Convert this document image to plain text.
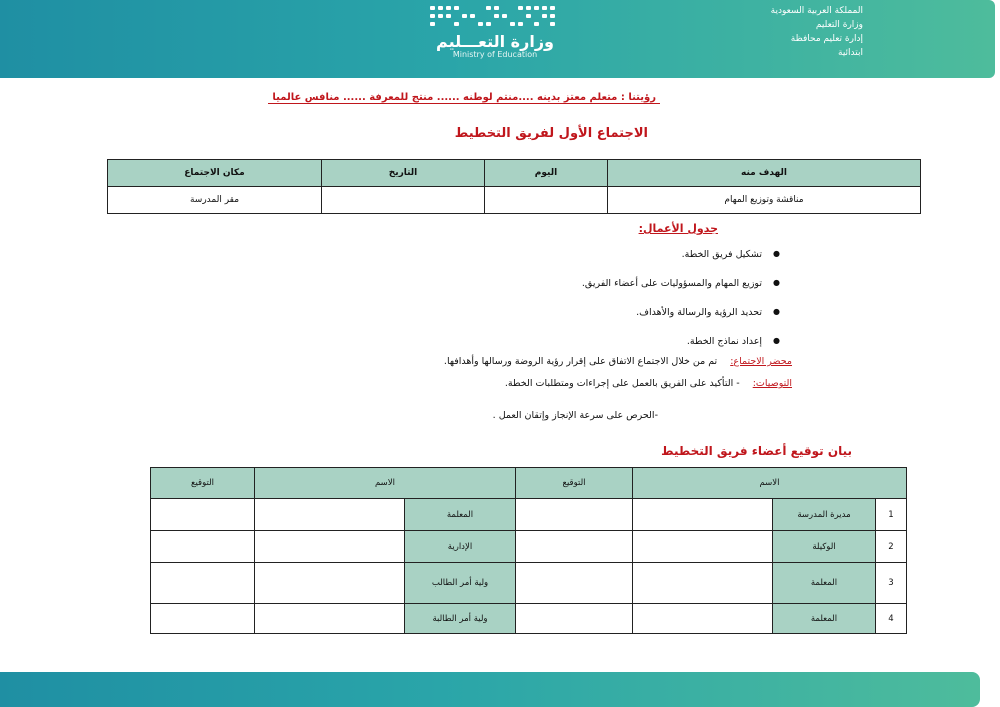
وزارة التعـــليم
Ministry of Education
المملكة العربية السعودية
وزارة التعليم
إدارة تعليم محافظة
ابتدائية
رؤيتنا : متعلم معتز بدينه ....منتم لوطنه ...... منتج للمعرفة ...... منافس عالميا
الاجتماع الأول لفريق التخطيط
الهدف منه	اليوم	التاريخ	مكان الاجتماع
مناقشة وتوزيع المهام			مقر المدرسة
جدول الأعمال:
● تشكيل فريق الخطة.
● توزيع المهام والمسؤوليات على أعضاء الفريق.
● تحديد الرؤية والرسالة والأهداف.
● إعداد نماذج الخطة.
محضر الاجتماع: تم من خلال الاجتماع الاتفاق على إقرار رؤية الروضة ورسالها وأهدافها.
التوصيات: - التأكيد على الفريق بالعمل على إجراءات ومتطلبات الخطة.
-الحرص على سرعة الإنجاز وإتقان العمل .
بيان توقيع أعضاء فريق التخطيط
الاسم			التوقيع	الاسم		التوقيع
1	مديرة المدرسة			المعلمة		
2	الوكيلة			الإدارية		
3	المعلمة			ولية أمر الطالب		
4	المعلمة			ولية أمر الطالبة		
